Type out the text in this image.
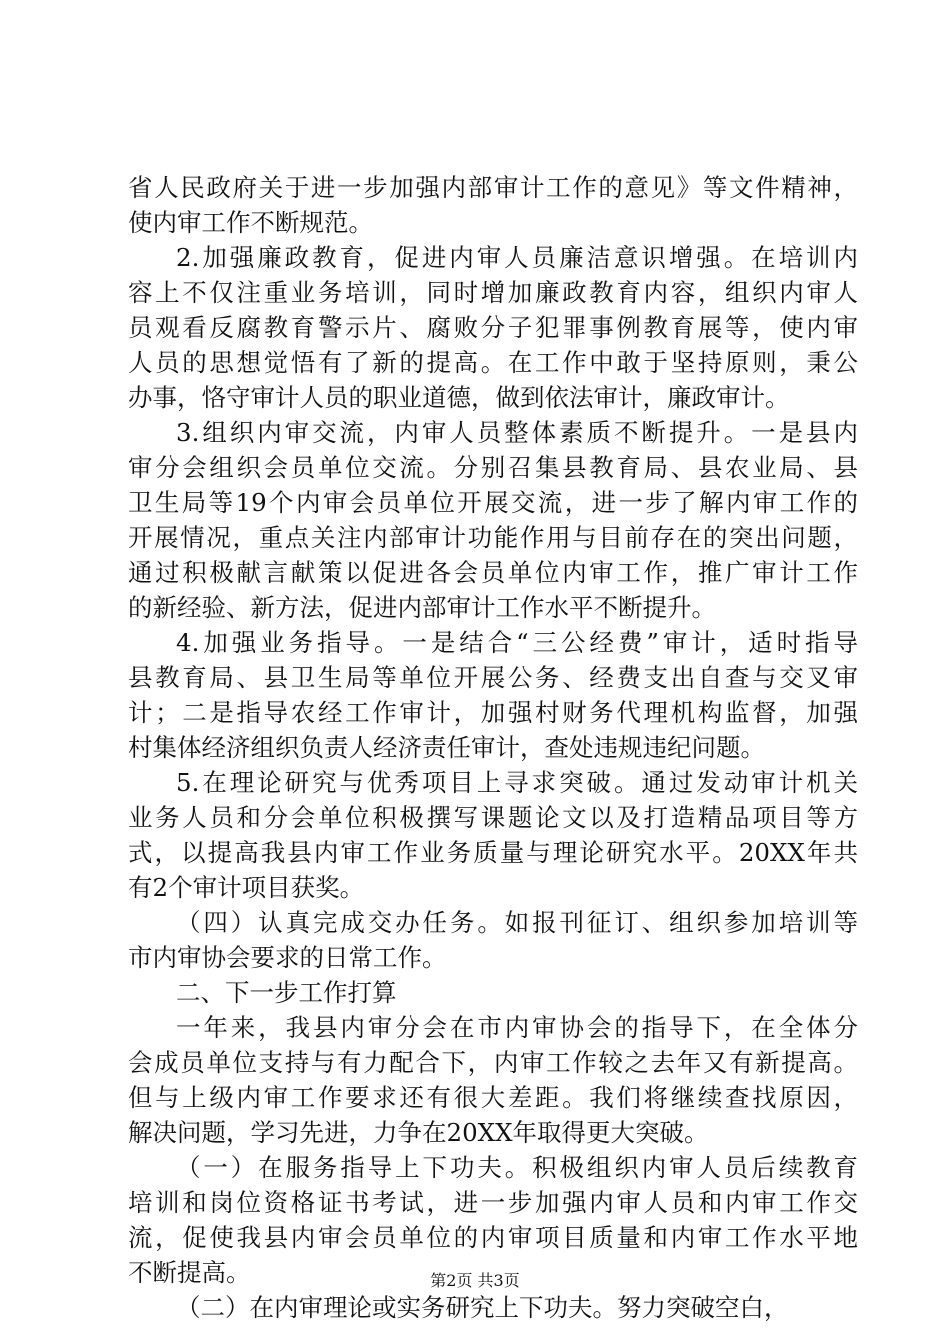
省人民政府关于进一步加强内部审计工作的意见》等文件精神，
使内审工作不断规范。
2.加强廉政教育，促进内审人员廉洁意识增强。在培训内
容上不仅注重业务培训，同时增加廉政教育内容，组织内审人
员观看反腐教育警示片、腐败分子犯罪事例教育展等，使内审
人员的思想觉悟有了新的提高。在工作中敢于坚持原则，秉公
办事，恪守审计人员的职业道德，做到依法审计，廉政审计。
3.组织内审交流，内审人员整体素质不断提升。一是县内
审分会组织会员单位交流。分别召集县教育局、县农业局、县
卫生局等19个内审会员单位开展交流，进一步了解内审工作的
开展情况，重点关注内部审计功能作用与目前存在的突出问题，
通过积极献言献策以促进各会员单位内审工作，推广审计工作
的新经验、新方法，促进内部审计工作水平不断提升。
4.加强业务指导。一是结合“三公经费”审计，适时指导
县教育局、县卫生局等单位开展公务、经费支出自查与交叉审
计；二是指导农经工作审计，加强村财务代理机构监督，加强
村集体经济组织负责人经济责任审计，查处违规违纪问题。
5.在理论研究与优秀项目上寻求突破。通过发动审计机关
业务人员和分会单位积极撰写课题论文以及打造精品项目等方
式，以提高我县内审工作业务质量与理论研究水平。20XX年共
有2个审计项目获奖。
（四）认真完成交办任务。如报刊征订、组织参加培训等
市内审协会要求的日常工作。
二、下一步工作打算
一年来，我县内审分会在市内审协会的指导下，在全体分
会成员单位支持与有力配合下，内审工作较之去年又有新提高。
但与上级内审工作要求还有很大差距。我们将继续查找原因，
解决问题，学习先进，力争在20XX年取得更大突破。
（一）在服务指导上下功夫。积极组织内审人员后续教育
培训和岗位资格证书考试，进一步加强内审人员和内审工作交
流，促使我县内审会员单位的内审项目质量和内审工作水平地
不断提高。
（二）在内审理论或实务研究上下功夫。努力突破空白，
第2页 共3页
